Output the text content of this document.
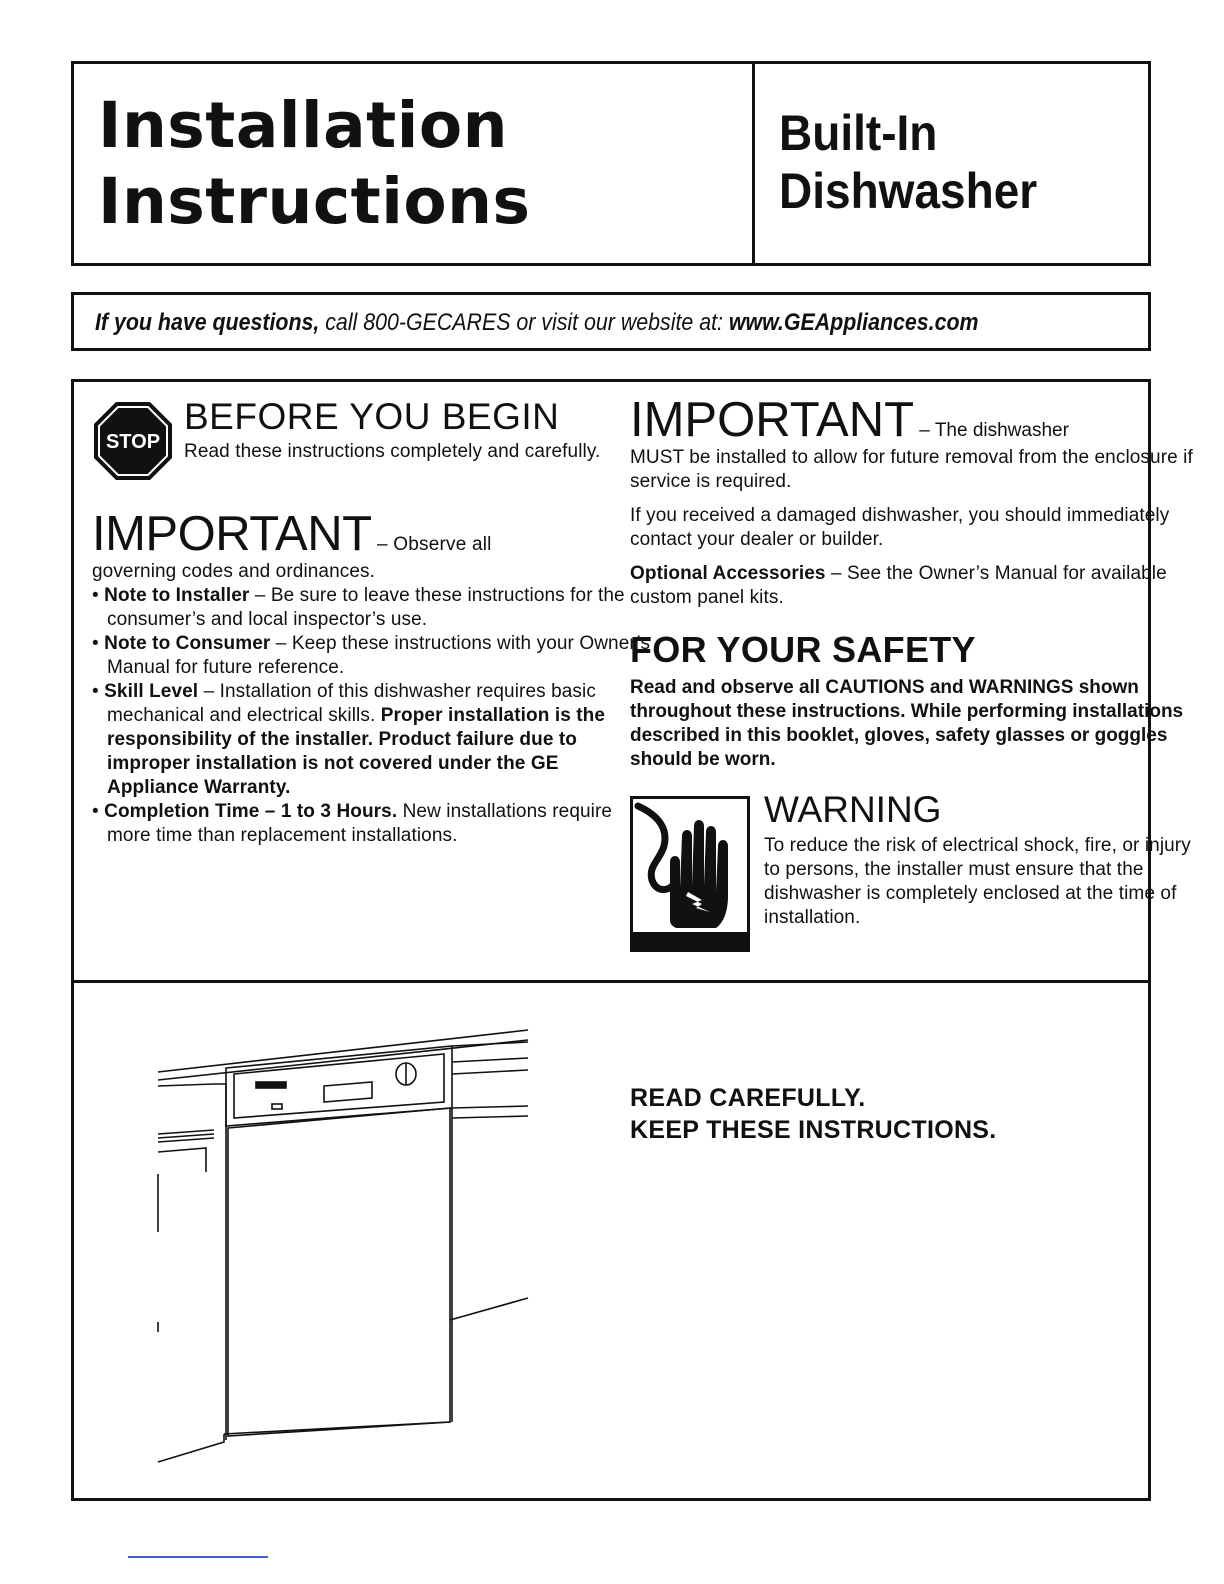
Installation
Instructions
Built-In
Dishwasher

If you have questions, call 800-GECARES or visit our website at: www.GEAppliances.com

STOP
BEFORE YOU BEGIN

Read these instructions completely and carefully.

IMPORTANT – Observe all
governing codes and ordinances.
• Note to Installer – Be sure to leave these instructions for the consumer’s and local inspector’s use.
• Note to Consumer – Keep these instructions with your Owner’s Manual for future reference.
• Skill Level – Installation of this dishwasher requires basic mechanical and electrical skills. Proper installation is the responsibility of the installer. Product failure due to improper installation is not covered under the GE Appliance Warranty.
• Completion Time – 1 to 3 Hours. New installations require more time than replacement installations.
IMPORTANT – The dishwasher

MUST be installed to allow for future removal from the enclosure if service is required.

If you received a damaged dishwasher, you should immediately contact your dealer or builder.

Optional Accessories – See the Owner’s Manual for available custom panel kits.

FOR YOUR SAFETY

Read and observe all CAUTIONS and WARNINGS shown throughout these instructions. While performing installations described in this booklet, gloves, safety glasses or goggles should be worn.

WARNING

To reduce the risk of electrical shock, fire, or injury to persons, the installer must ensure that the dishwasher is completely enclosed at the time of installation.

READ CAREFULLY.
KEEP THESE INSTRUCTIONS.
